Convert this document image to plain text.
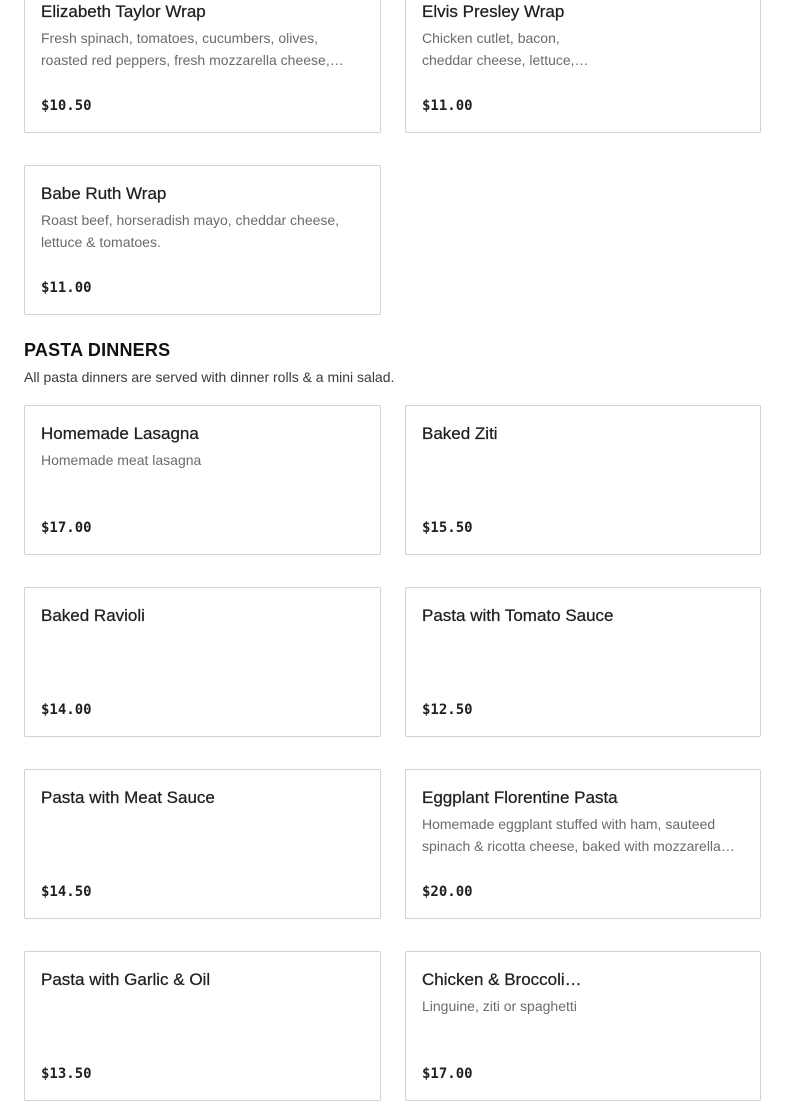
Elizabeth Taylor Wrap
Fresh spinach, tomatoes, cucumbers, olives, roasted red peppers, fresh mozzarella cheese,…
$10.50
Elvis Presley Wrap
Chicken cutlet, bacon, cheddar cheese, lettuce,…
$11.00
Babe Ruth Wrap
Roast beef, horseradish mayo, cheddar cheese, lettuce & tomatoes.
$11.00
PASTA DINNERS
All pasta dinners are served with dinner rolls & a mini salad.
Homemade Lasagna
Homemade meat lasagna
$17.00
Baked Ziti
$15.50
Baked Ravioli
$14.00
Pasta with Tomato Sauce
$12.50
Pasta with Meat Sauce
$14.50
Eggplant Florentine Pasta
Homemade eggplant stuffed with ham, sauteed spinach & ricotta cheese, baked with mozzarella…
$20.00
Pasta with Garlic & Oil
$13.50
Chicken & Broccoli…
Linguine, ziti or spaghetti
$17.00
